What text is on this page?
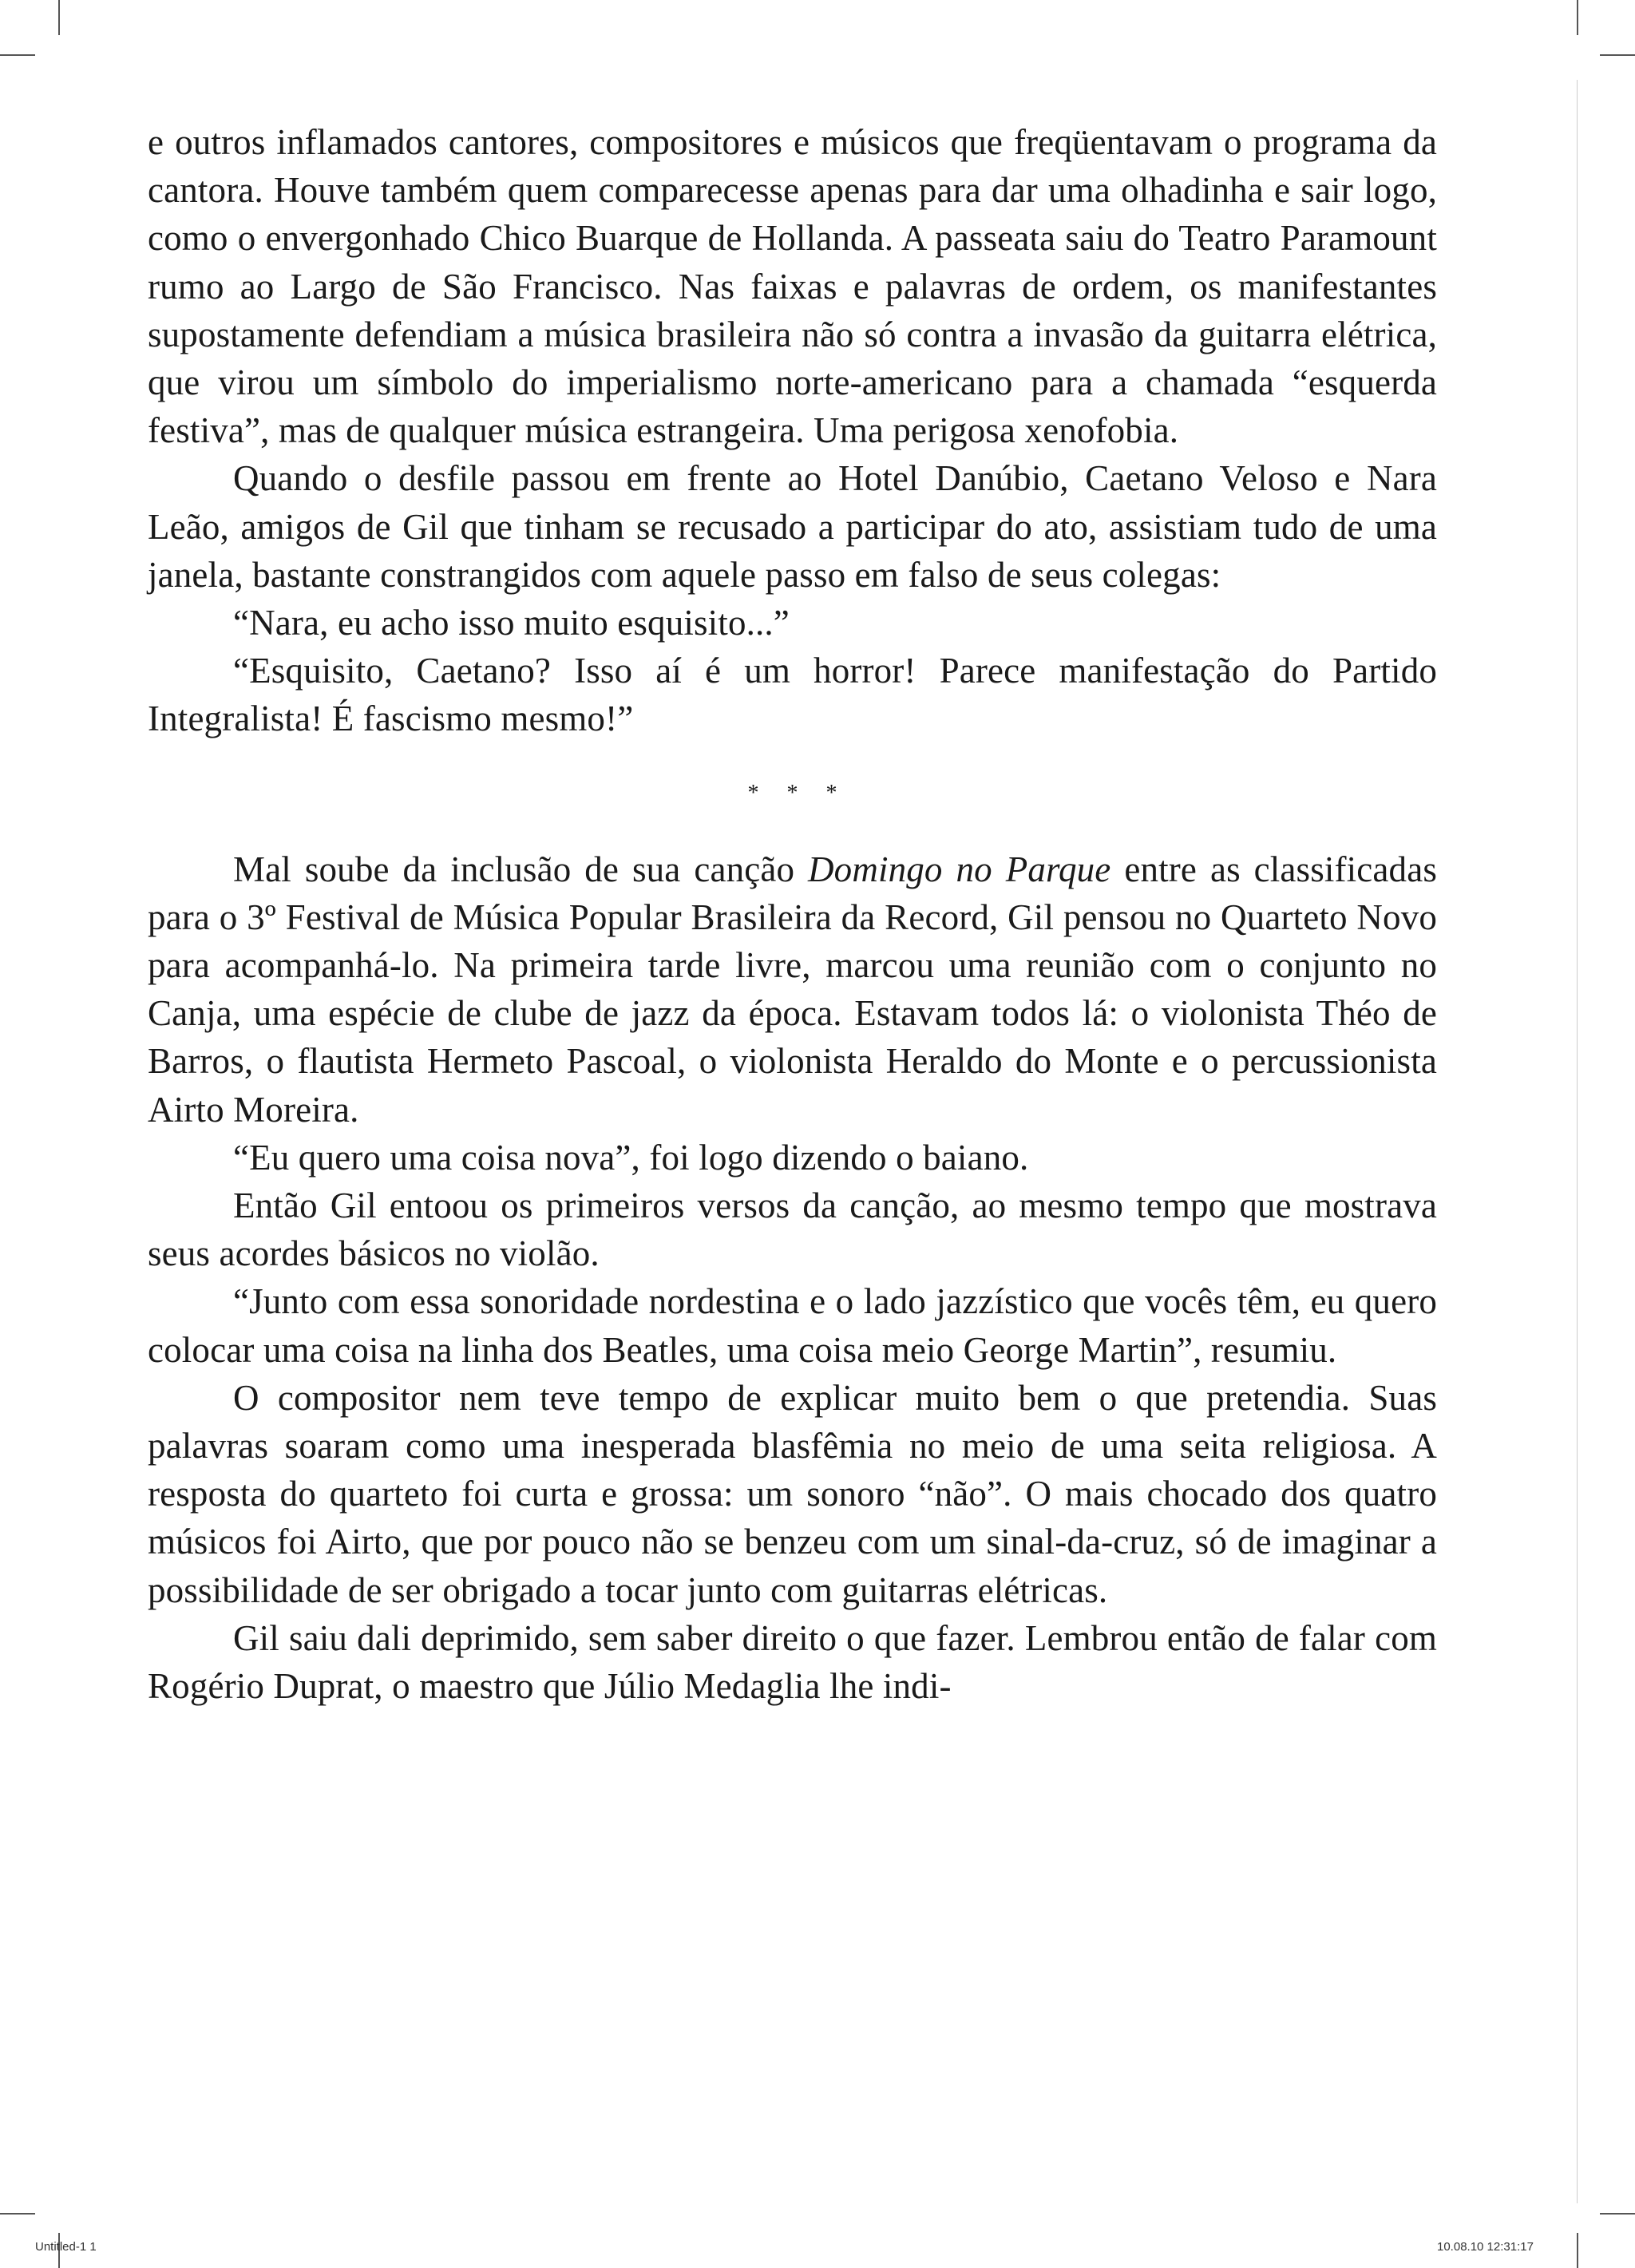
e outros inflamados cantores, compositores e músicos que freqüentavam o programa da cantora. Houve também quem comparecesse apenas para dar uma olhadinha e sair logo, como o envergonhado Chico Buarque de Hollanda. A passeata saiu do Teatro Paramount rumo ao Largo de São Francisco. Nas faixas e palavras de ordem, os manifestantes supostamente defendiam a música brasileira não só contra a invasão da guitarra elétrica, que virou um símbolo do imperialismo norte-americano para a chamada “esquerda festiva”, mas de qualquer música estrangeira. Uma perigosa xenofobia.

Quando o desfile passou em frente ao Hotel Danúbio, Caetano Veloso e Nara Leão, amigos de Gil que tinham se recusado a participar do ato, assistiam tudo de uma janela, bastante constrangidos com aquele passo em falso de seus colegas:

“Nara, eu acho isso muito esquisito...”

“Esquisito, Caetano? Isso aí é um horror! Parece manifestação do Partido Integralista! É fascismo mesmo!”

* * *

Mal soube da inclusão de sua canção Domingo no Parque entre as classificadas para o 3º Festival de Música Popular Brasileira da Record, Gil pensou no Quarteto Novo para acompanhá-lo. Na primeira tarde livre, marcou uma reunião com o conjunto no Canja, uma espécie de clube de jazz da época. Estavam todos lá: o violonista Théo de Barros, o flautista Hermeto Pascoal, o violonista Heraldo do Monte e o percussionista Airto Moreira.

“Eu quero uma coisa nova”, foi logo dizendo o baiano.

Então Gil entoou os primeiros versos da canção, ao mesmo tempo que mostrava seus acordes básicos no violão.

“Junto com essa sonoridade nordestina e o lado jazzístico que vocês têm, eu quero colocar uma coisa na linha dos Beatles, uma coisa meio George Martin”, resumiu.

O compositor nem teve tempo de explicar muito bem o que pretendia. Suas palavras soaram como uma inesperada blasfêmia no meio de uma seita religiosa. A resposta do quarteto foi curta e grossa: um sonoro “não”. O mais chocado dos quatro músicos foi Airto, que por pouco não se benzeu com um sinal-da-cruz, só de imaginar a possibilidade de ser obrigado a tocar junto com guitarras elétricas.

Gil saiu dali deprimido, sem saber direito o que fazer. Lembrou então de falar com Rogério Duprat, o maestro que Júlio Medaglia lhe indi-

Untitled-1 1	10.08.10 12:31:17
